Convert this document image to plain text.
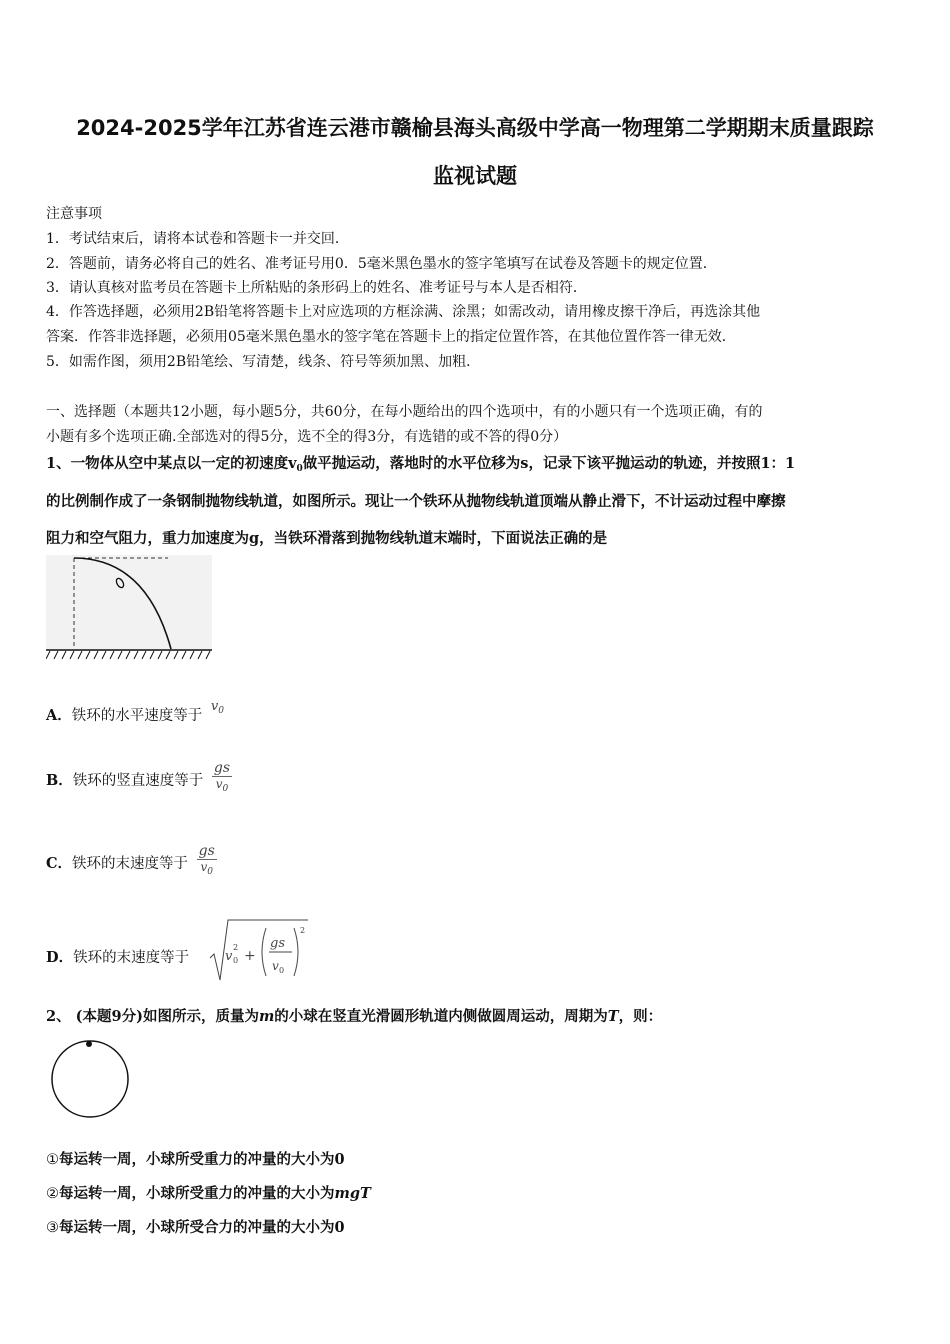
2024-2025学年江苏省连云港市赣榆县海头高级中学高一物理第二学期期末质量跟踪
监视试题
注意事项
1．考试结束后，请将本试卷和答题卡一并交回．
2．答题前，请务必将自己的姓名、准考证号用0．5毫米黑色墨水的签字笔填写在试卷及答题卡的规定位置．
3．请认真核对监考员在答题卡上所粘贴的条形码上的姓名、准考证号与本人是否相符．
4．作答选择题，必须用2B铅笔将答题卡上对应选项的方框涂满、涂黑；如需改动，请用橡皮擦干净后，再选涂其他
答案．作答非选择题，必须用05毫米黑色墨水的签字笔在答题卡上的指定位置作答，在其他位置作答一律无效．
5．如需作图，须用2B铅笔绘、写清楚，线条、符号等须加黑、加粗．
一、选择题（本题共12小题，每小题5分，共60分，在每小题给出的四个选项中，有的小题只有一个选项正确，有的
小题有多个选项正确.全部选对的得5分，选不全的得3分，有选错的或不答的得0分）
1、一物体从空中某点以一定的初速度$v_0$做平抛运动，落地时的水平位移为s，记录下该平抛运动的轨迹，并按照1：1
的比例制作成了一条钢制抛物线轨道，如图所示。现让一个铁环从抛物线轨道顶端从静止滑下，不计运动过程中摩擦
阻力和空气阻力，重力加速度为g，当铁环滑落到抛物线轨道末端时，下面说法正确的是
A．铁环的水平速度等于 $v_0$
B．铁环的竖直速度等于 $\frac{gs}{v_0}$
C．铁环的末速度等于 $\frac{gs}{v_0}$
D．铁环的末速度等于	v 0
2
+
gs
v 0
2
2、 (本题9分)如图所示，质量为m的小球在竖直光滑圆形轨道内侧做圆周运动，周期为T，则：
①每运转一周，小球所受重力的冲量的大小为0
②每运转一周，小球所受重力的冲量的大小为mgT
③每运转一周，小球所受合力的冲量的大小为0
